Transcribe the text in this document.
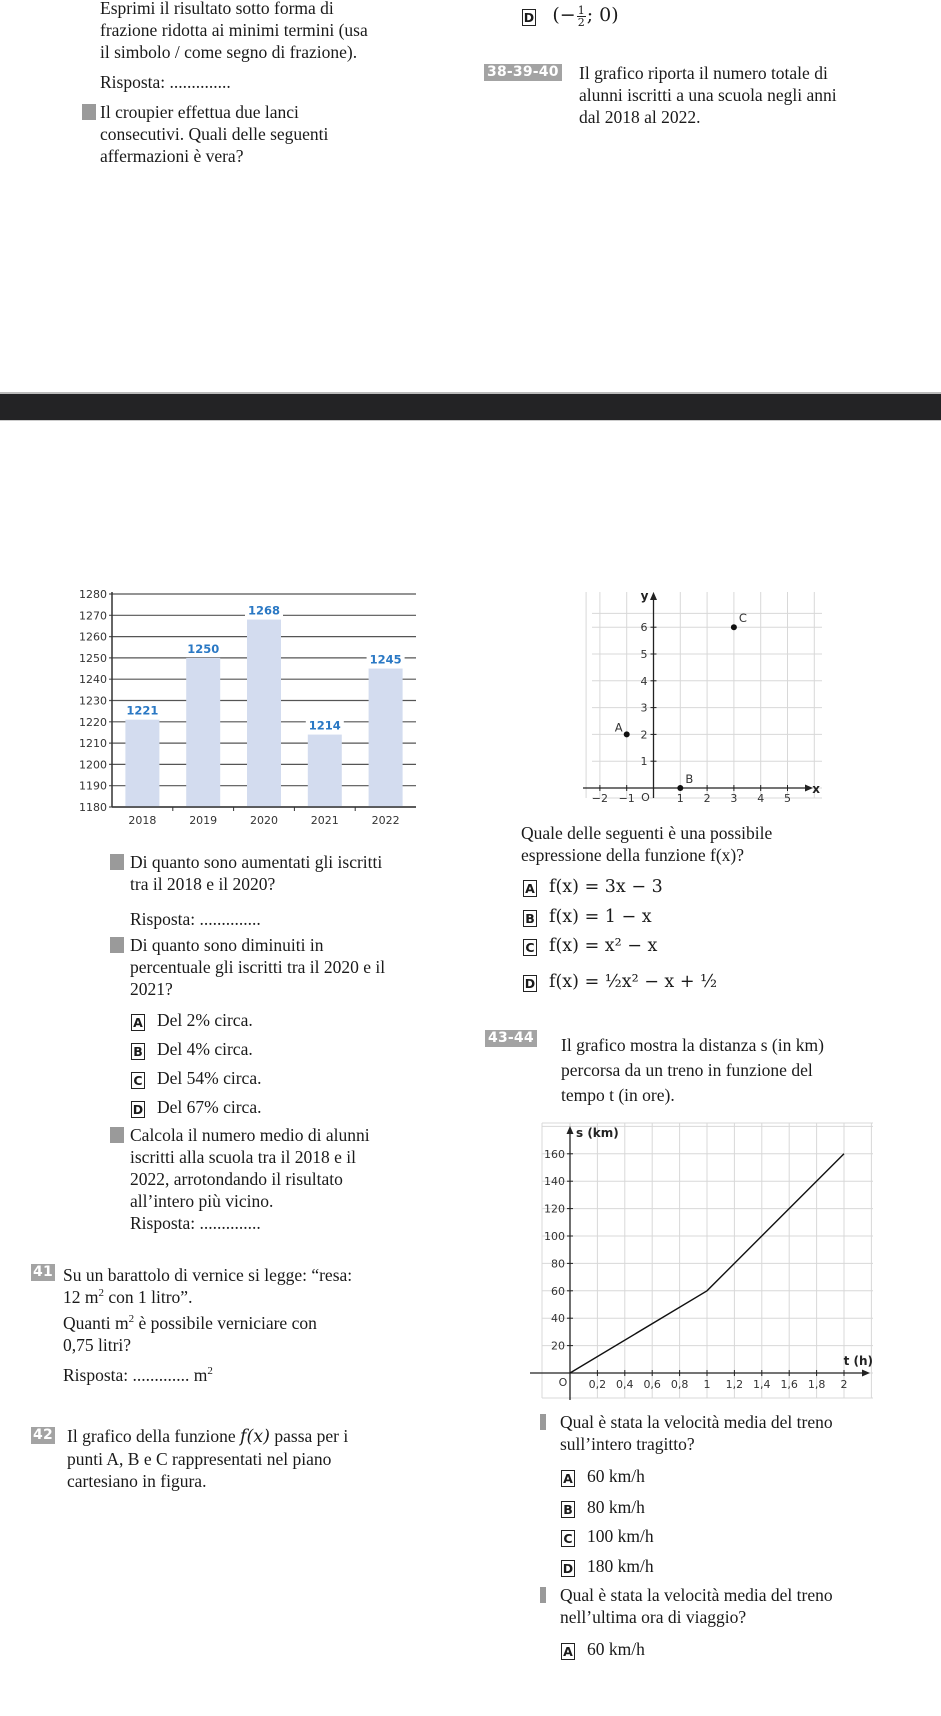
Esprimi il risultato sotto forma di
frazione ridotta ai minimi termini (usa
il simbolo / come segno di frazione).
Risposta: ..............
Il croupier effettua due lanci
consecutivi. Quali delle seguenti
affermazioni è vera?
D (− $\frac{1}{2}$ ; 0)
38-39-40 Il grafico riporta il numero totale di
alunni iscritti a una scuola negli anni
dal 2018 al 2022.
1221
1250
1268
1214
1245
1280
1270
1260
1250
1240
1230
1220
1210
1200
1190
1180
2018	2019	2020	2021	2022
Di quanto sono aumentati gli iscritti
tra il 2018 e il 2020?
Risposta: ..............
Di quanto sono diminuiti in
percentuale gli iscritti tra il 2020 e il
2021?
A Del 2% circa.
B Del 4% circa.
C Del 54% circa.
D Del 67% circa.
Calcola il numero medio di alunni
iscritti alla scuola tra il 2018 e il
2022, arrotondando il risultato
all’intero più vicino.
Risposta: ..............
41 Su un barattolo di vernice si legge: “resa:
12 $m^2$ con 1 litro”.
Quanti $m^2$ è possibile verniciare con
0,75 litri?
Risposta: ............. $m^2$
42 Il grafico della funzione f(x) passa per i
punti A, B e C rappresentati nel piano
cartesiano in figura.
y
x
O
−2 −1	1 2 3 4 5
1
2
3
4
5
6
A
B
C
Quale delle seguenti è una possibile
espressione della funzione f(x)?
A f(x) = 3x − 3
B f(x) = 1 − x
C f(x) = x² − x
D f(x) = ½x² − x + ½
43-44 Il grafico mostra la distanza s (in km)
percorsa da un treno in funzione del
tempo t (in ore).
s (km)
t (h)
O
20
40
60
80
100
120
140
160
0,2 0,4 0,6 0,8 1 1,2 1,4 1,6 1,8 2
Qual è stata la velocità media del treno
sull’intero tragitto?
A 60 km/h
B 80 km/h
C 100 km/h
D 180 km/h
Qual è stata la velocità media del treno
nell’ultima ora di viaggio?
A 60 km/h
